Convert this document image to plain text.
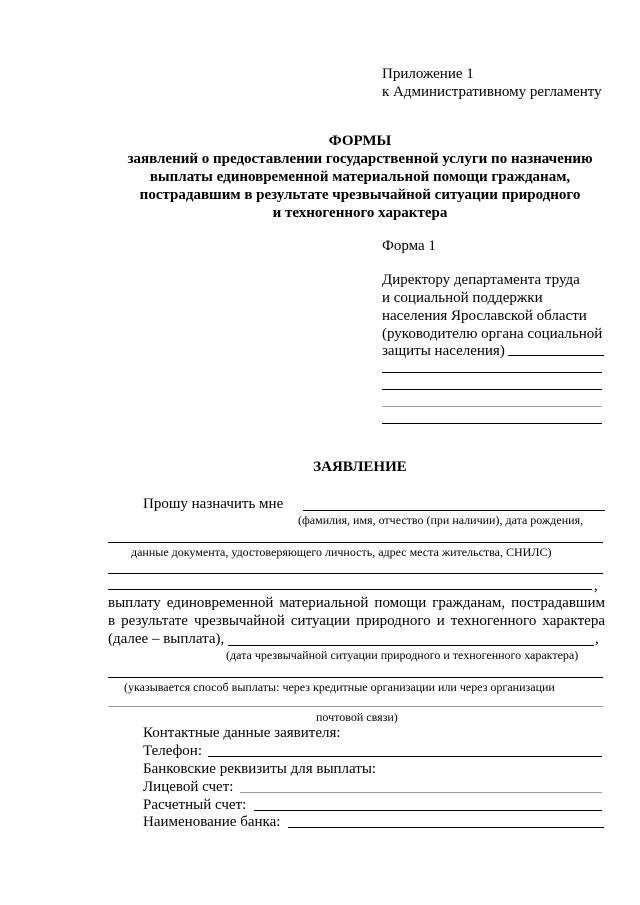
Приложение 1
к Административному регламенту
ФОРМЫ
заявлений о предоставлении государственной услуги по назначению
выплаты единовременной материальной помощи гражданам,
пострадавшим в результате чрезвычайной ситуации природного
и техногенного характера
Форма 1
Директору департамента труда
и социальной поддержки
населения Ярославской области
(руководителю органа социальной
защиты населения)
ЗАЯВЛЕНИЕ
Прошу назначить мне
(фамилия, имя, отчество (при наличии), дата рождения,
данные документа, удостоверяющего личность, адрес места жительства, СНИЛС)
,
выплату единовременной материальной помощи гражданам, пострадавшим
в результате чрезвычайной ситуации природного и техногенного характера
(далее – выплата),	,
(дата чрезвычайной ситуации природного и техногенного характера)
(указывается способ выплаты: через кредитные организации или через организации
почтовой связи)
Контактные данные заявителя:
Телефон:
Банковские реквизиты для выплаты:
Лицевой счет:
Расчетный счет:
Наименование банка:
